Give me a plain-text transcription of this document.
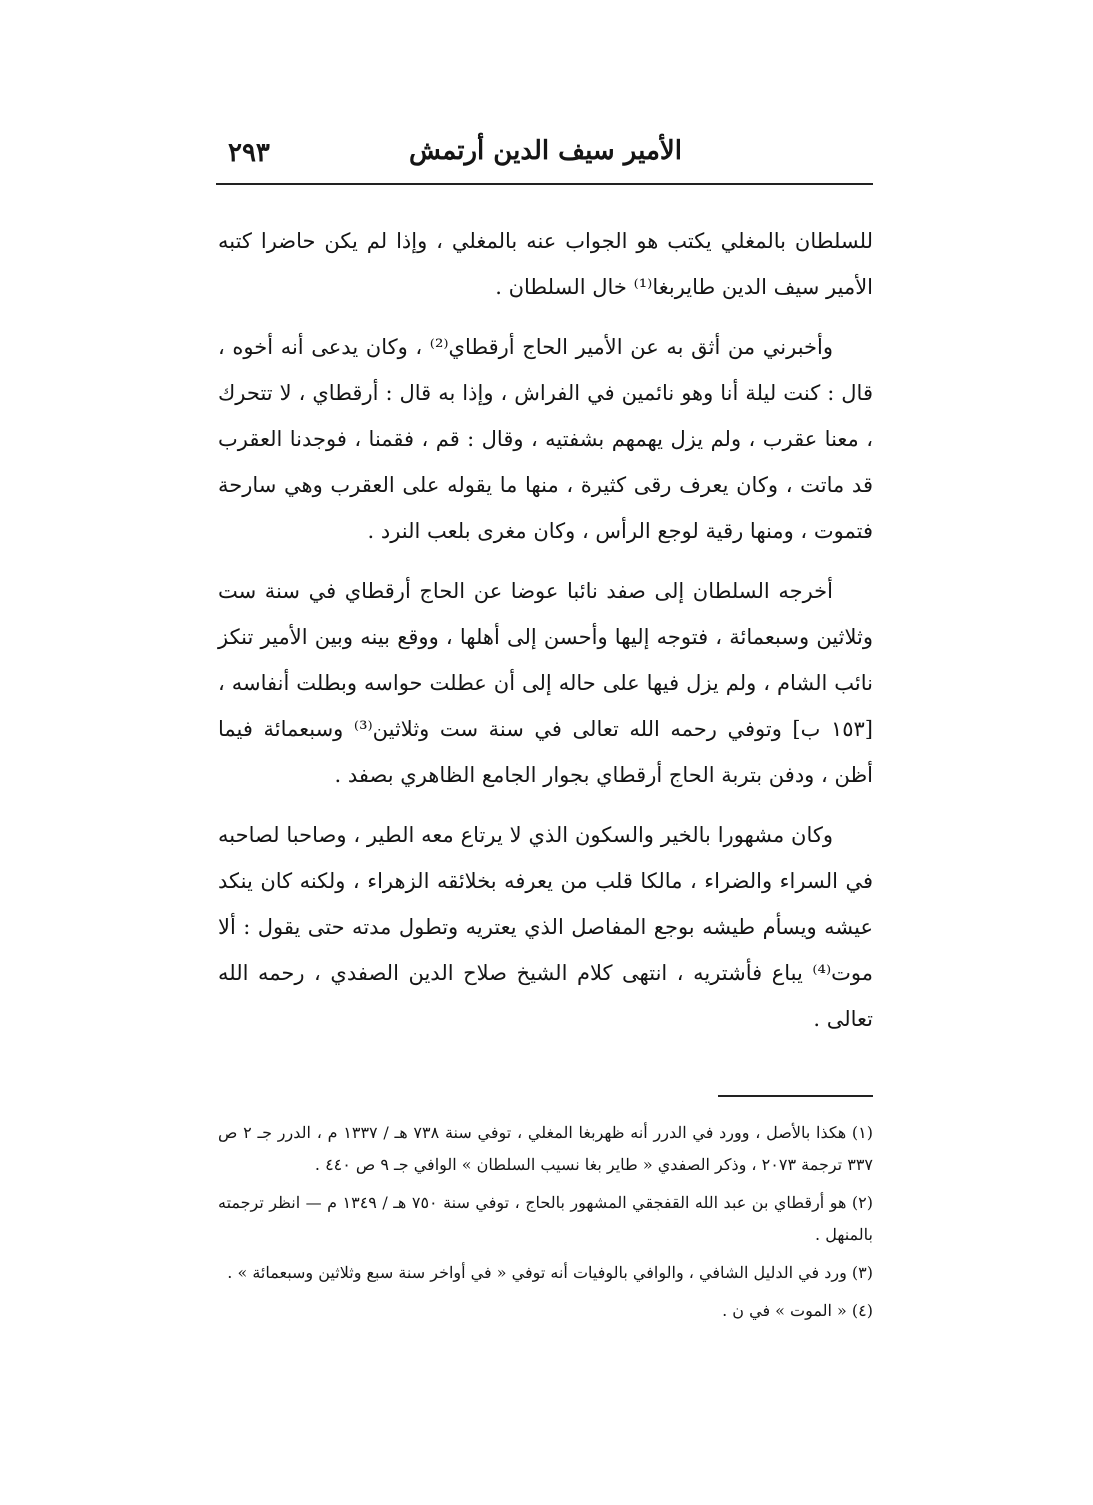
الأمير سيف الدين أرتمش
٢٩٣

للسلطان بالمغلي يكتب هو الجواب عنه بالمغلي ، وإذا لم يكن حاضرا كتبه الأمير سيف الدين طايربغا⁽¹⁾ خال السلطان .

وأخبرني من أثق به عن الأمير الحاج أرقطاي⁽²⁾ ، وكان يدعى أنه أخوه ، قال : كنت ليلة أنا وهو نائمين في الفراش ، وإذا به قال : أرقطاي ، لا تتحرك ، معنا عقرب ، ولم يزل يهمهم بشفتيه ، وقال : قم ، فقمنا ، فوجدنا العقرب قد ماتت ، وكان يعرف رقى كثيرة ، منها ما يقوله على العقرب وهي سارحة فتموت ، ومنها رقية لوجع الرأس ، وكان مغرى بلعب النرد .

أخرجه السلطان إلى صفد نائبا عوضا عن الحاج أرقطاي في سنة ست وثلاثين وسبعمائة ، فتوجه إليها وأحسن إلى أهلها ، ووقع بينه وبين الأمير تنكز نائب الشام ، ولم يزل فيها على حاله إلى أن عطلت حواسه وبطلت أنفاسه ، [١٥٣ ب] وتوفي رحمه الله تعالى في سنة ست وثلاثين⁽³⁾ وسبعمائة فيما أظن ، ودفن بتربة الحاج أرقطاي بجوار الجامع الظاهري بصفد .

وكان مشهورا بالخير والسكون الذي لا يرتاع معه الطير ، وصاحبا لصاحبه في السراء والضراء ، مالكا قلب من يعرفه بخلائقه الزهراء ، ولكنه كان ينكد عيشه ويسأم طيشه بوجع المفاصل الذي يعتريه وتطول مدته حتى يقول : ألا موت⁽⁴⁾ يباع فأشتريه ، انتهى كلام الشيخ صلاح الدين الصفدي ، رحمه الله تعالى .

(١) هكذا بالأصل ، وورد في الدرر أنه ظهربغا المغلي ، توفي سنة ٧٣٨ هـ / ١٣٣٧ م ، الدرر جـ ٢ ص ٣٣٧ ترجمة ٢٠٧٣ ، وذكر الصفدي « طاير بغا نسيب السلطان » الوافي جـ ٩ ص ٤٤٠ .

(٢) هو أرقطاي بن عبد الله القفجقي المشهور بالحاج ، توفي سنة ٧٥٠ هـ / ١٣٤٩ م — انظر ترجمته بالمنهل .

(٣) ورد في الدليل الشافي ، والوافي بالوفيات أنه توفي « في أواخر سنة سبع وثلاثين وسبعمائة » .

(٤) « الموت » في ن .
